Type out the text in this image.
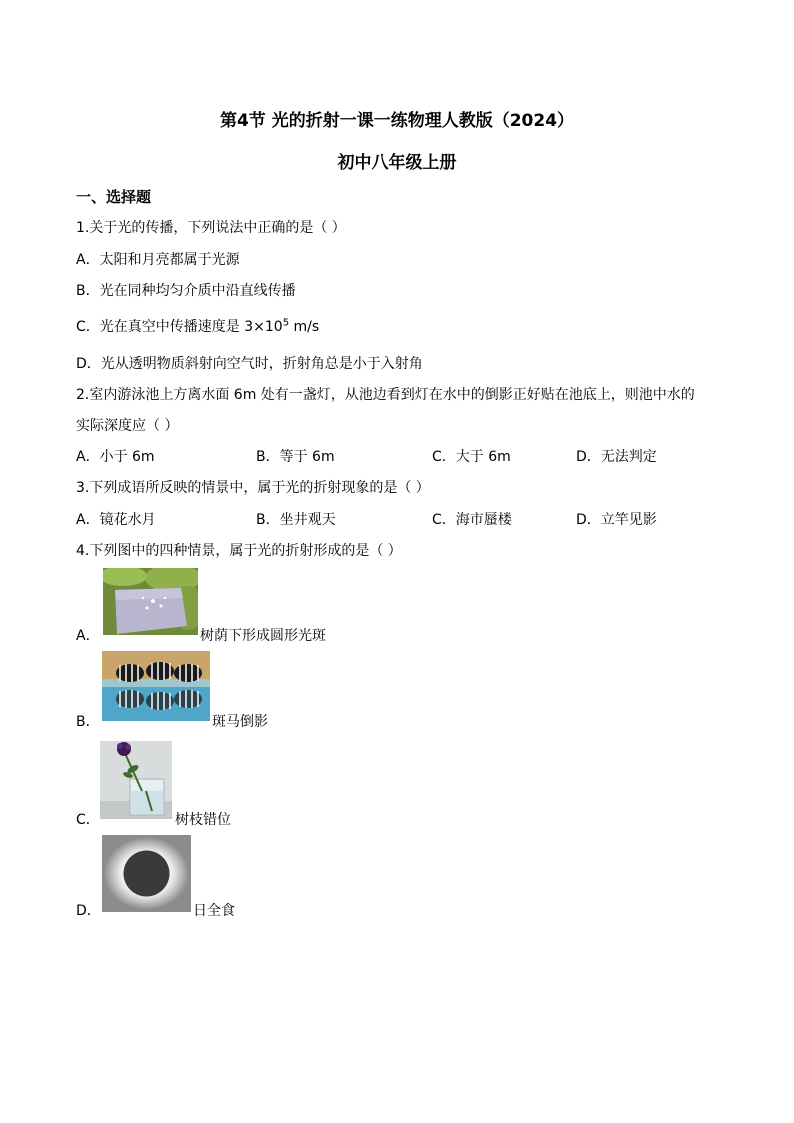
第4节 光的折射一课一练物理人教版（2024）
初中八年级上册
一、选择题
1.关于光的传播，下列说法中正确的是（ ）
A．太阳和月亮都属于光源
B．光在同种均匀介质中沿直线传播
C．光在真空中传播速度是 $3\times 10^5$ m/s
D．光从透明物质斜射向空气时，折射角总是小于入射角
2.室内游泳池上方离水面 6m 处有一盏灯，从池边看到灯在水中的倒影正好贴在池底上，则池中水的
实际深度应（ ）
A．小于 6m	B．等于 6m	C．大于 6m	D．无法判定
3.下列成语所反映的情景中，属于光的折射现象的是（ ）
A．镜花水月	B．坐井观天	C．海市蜃楼	D．立竿见影
4.下列图中的四种情景，属于光的折射形成的是（ ）
A．	树荫下形成圆形光斑
B．	斑马倒影
C．	树枝错位
D．	日全食
